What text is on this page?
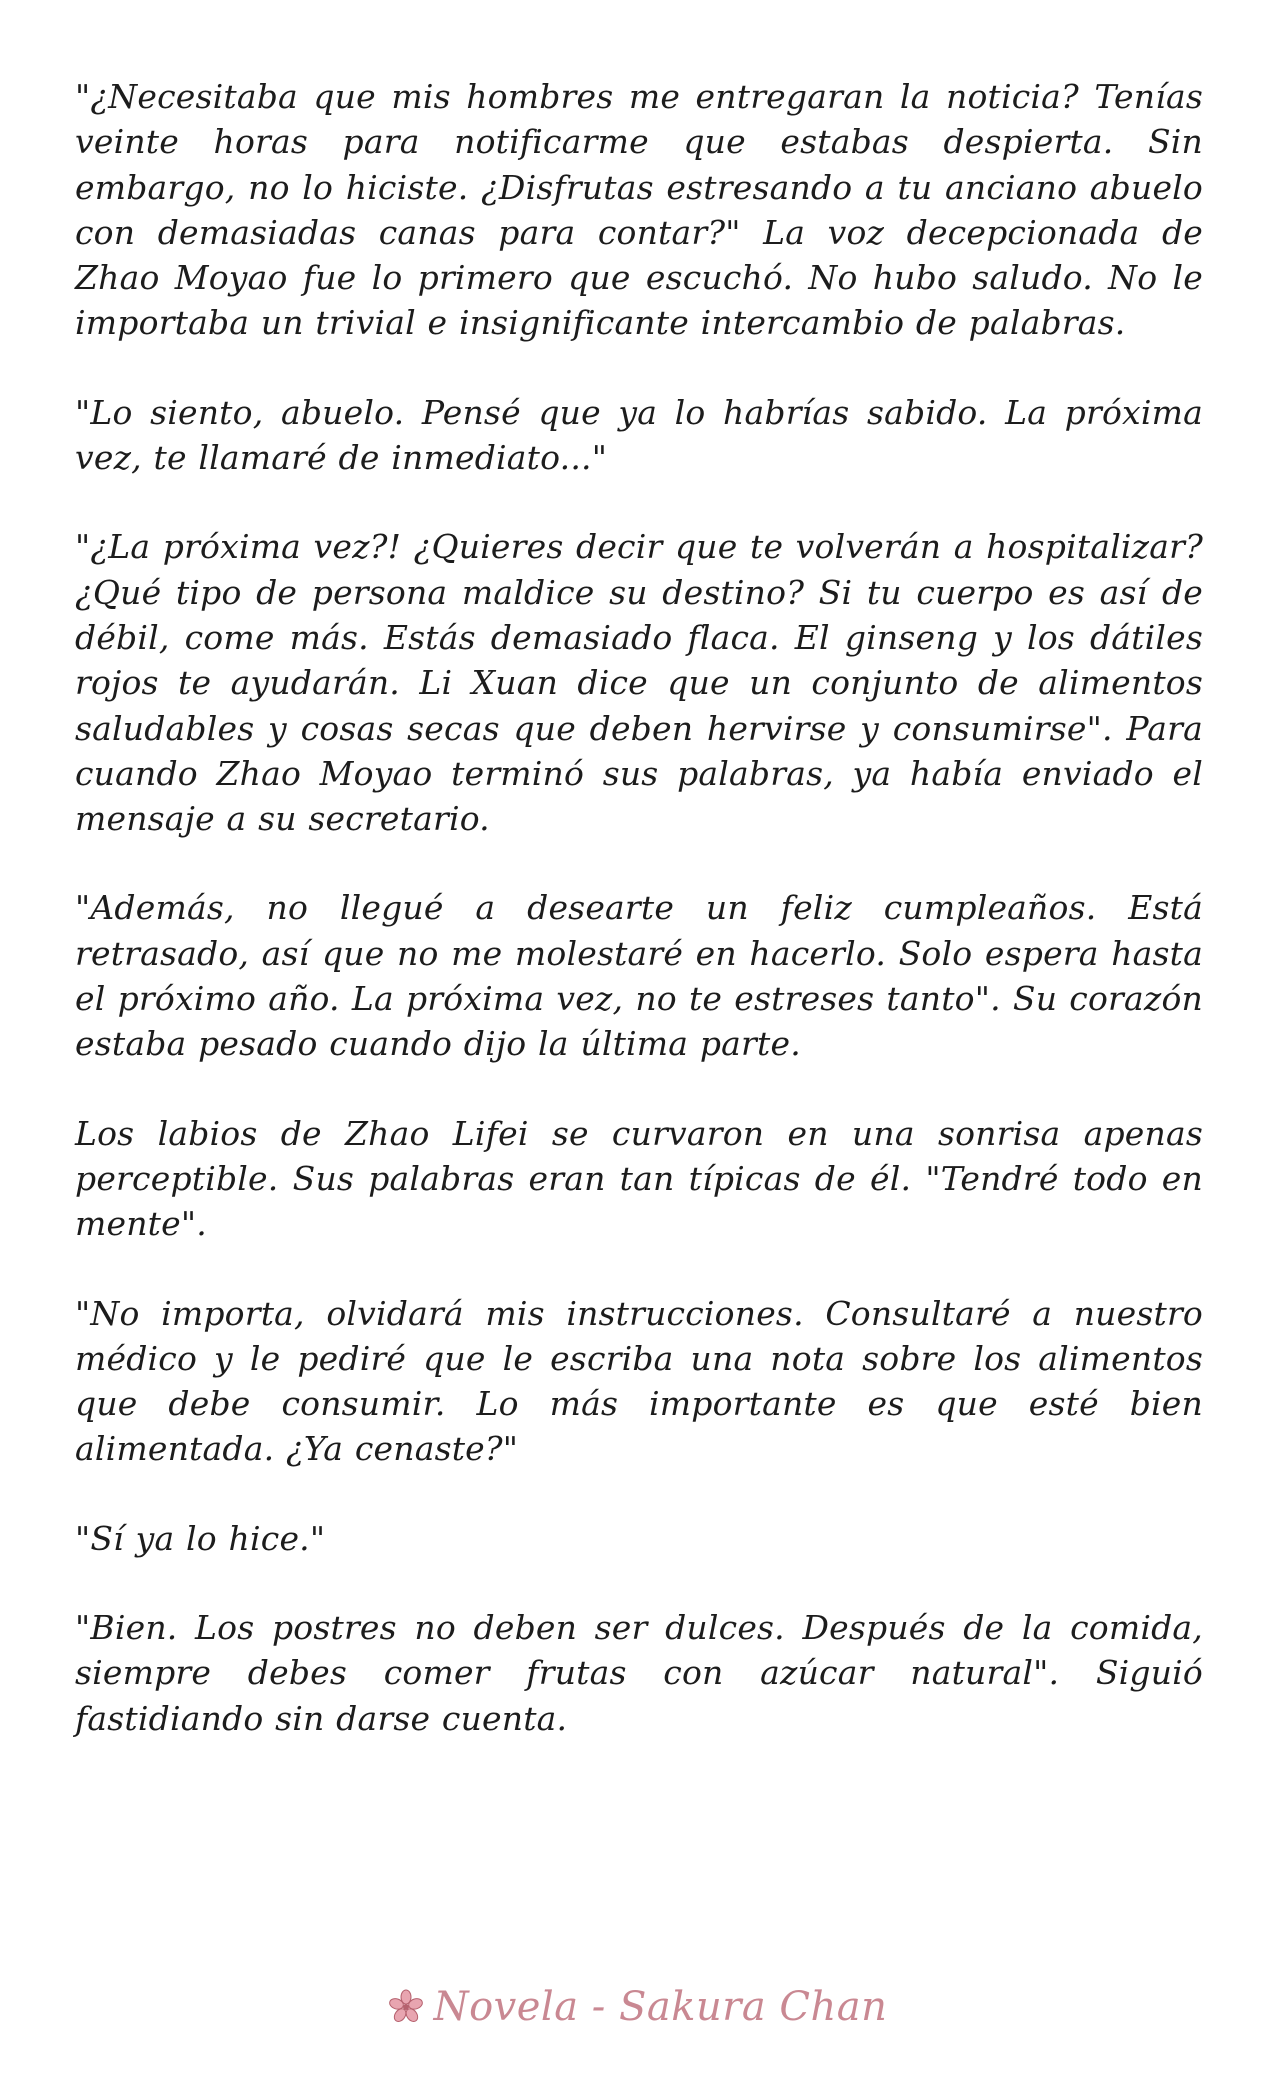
"¿Necesitaba que mis hombres me entregaran la noticia? Tenías veinte horas para notificarme que estabas despierta. Sin embargo, no lo hiciste. ¿Disfrutas estresando a tu anciano abuelo con demasiadas canas para contar?" La voz decepcionada de Zhao Moyao fue lo primero que escuchó. No hubo saludo. No le importaba un trivial e insignificante intercambio de palabras.

"Lo siento, abuelo. Pensé que ya lo habrías sabido. La próxima vez, te llamaré de inmediato..."

"¿La próxima vez?! ¿Quieres decir que te volverán a hospitalizar? ¿Qué tipo de persona maldice su destino? Si tu cuerpo es así de débil, come más. Estás demasiado flaca. El ginseng y los dátiles rojos te ayudarán. Li Xuan dice que un conjunto de alimentos saludables y cosas secas que deben hervirse y consumirse". Para cuando Zhao Moyao terminó sus palabras, ya había enviado el mensaje a su secretario.

"Además, no llegué a desearte un feliz cumpleaños. Está retrasado, así que no me molestaré en hacerlo. Solo espera hasta el próximo año. La próxima vez, no te estreses tanto". Su corazón estaba pesado cuando dijo la última parte.

Los labios de Zhao Lifei se curvaron en una sonrisa apenas perceptible. Sus palabras eran tan típicas de él. "Tendré todo en mente".

"No importa, olvidará mis instrucciones. Consultaré a nuestro médico y le pediré que le escriba una nota sobre los alimentos que debe consumir. Lo más importante es que esté bien alimentada. ¿Ya cenaste?"

"Sí ya lo hice."

"Bien. Los postres no deben ser dulces. Después de la comida, siempre debes comer frutas con azúcar natural". Siguió fastidiando sin darse cuenta.

Novela - Sakura Chan
